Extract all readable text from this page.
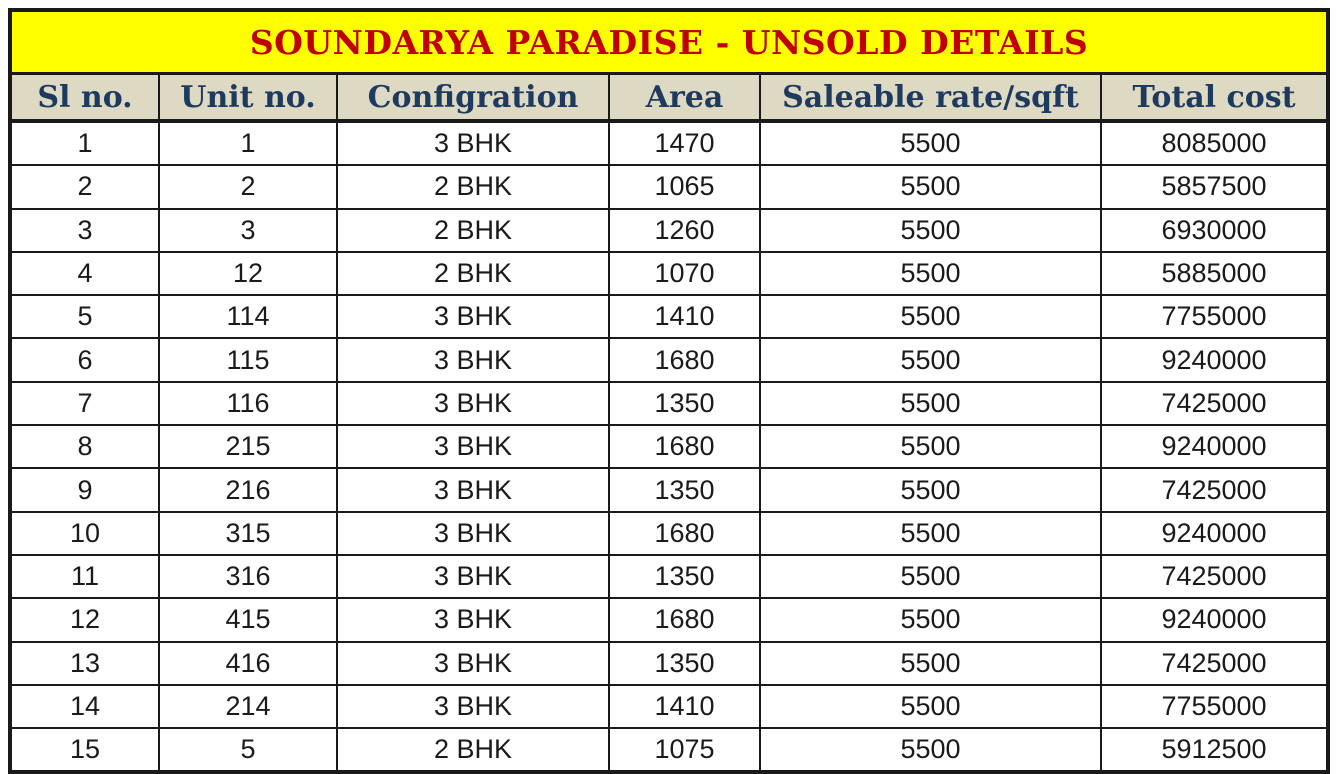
SOUNDARYA PARADISE - UNSOLD DETAILS
Sl no.	Unit no.	Configration	Area	Saleable rate/sqft	Total cost
1	1	3 BHK	1470	5500	8085000
2	2	2 BHK	1065	5500	5857500
3	3	2 BHK	1260	5500	6930000
4	12	2 BHK	1070	5500	5885000
5	114	3 BHK	1410	5500	7755000
6	115	3 BHK	1680	5500	9240000
7	116	3 BHK	1350	5500	7425000
8	215	3 BHK	1680	5500	9240000
9	216	3 BHK	1350	5500	7425000
10	315	3 BHK	1680	5500	9240000
11	316	3 BHK	1350	5500	7425000
12	415	3 BHK	1680	5500	9240000
13	416	3 BHK	1350	5500	7425000
14	214	3 BHK	1410	5500	7755000
15	5	2 BHK	1075	5500	5912500
